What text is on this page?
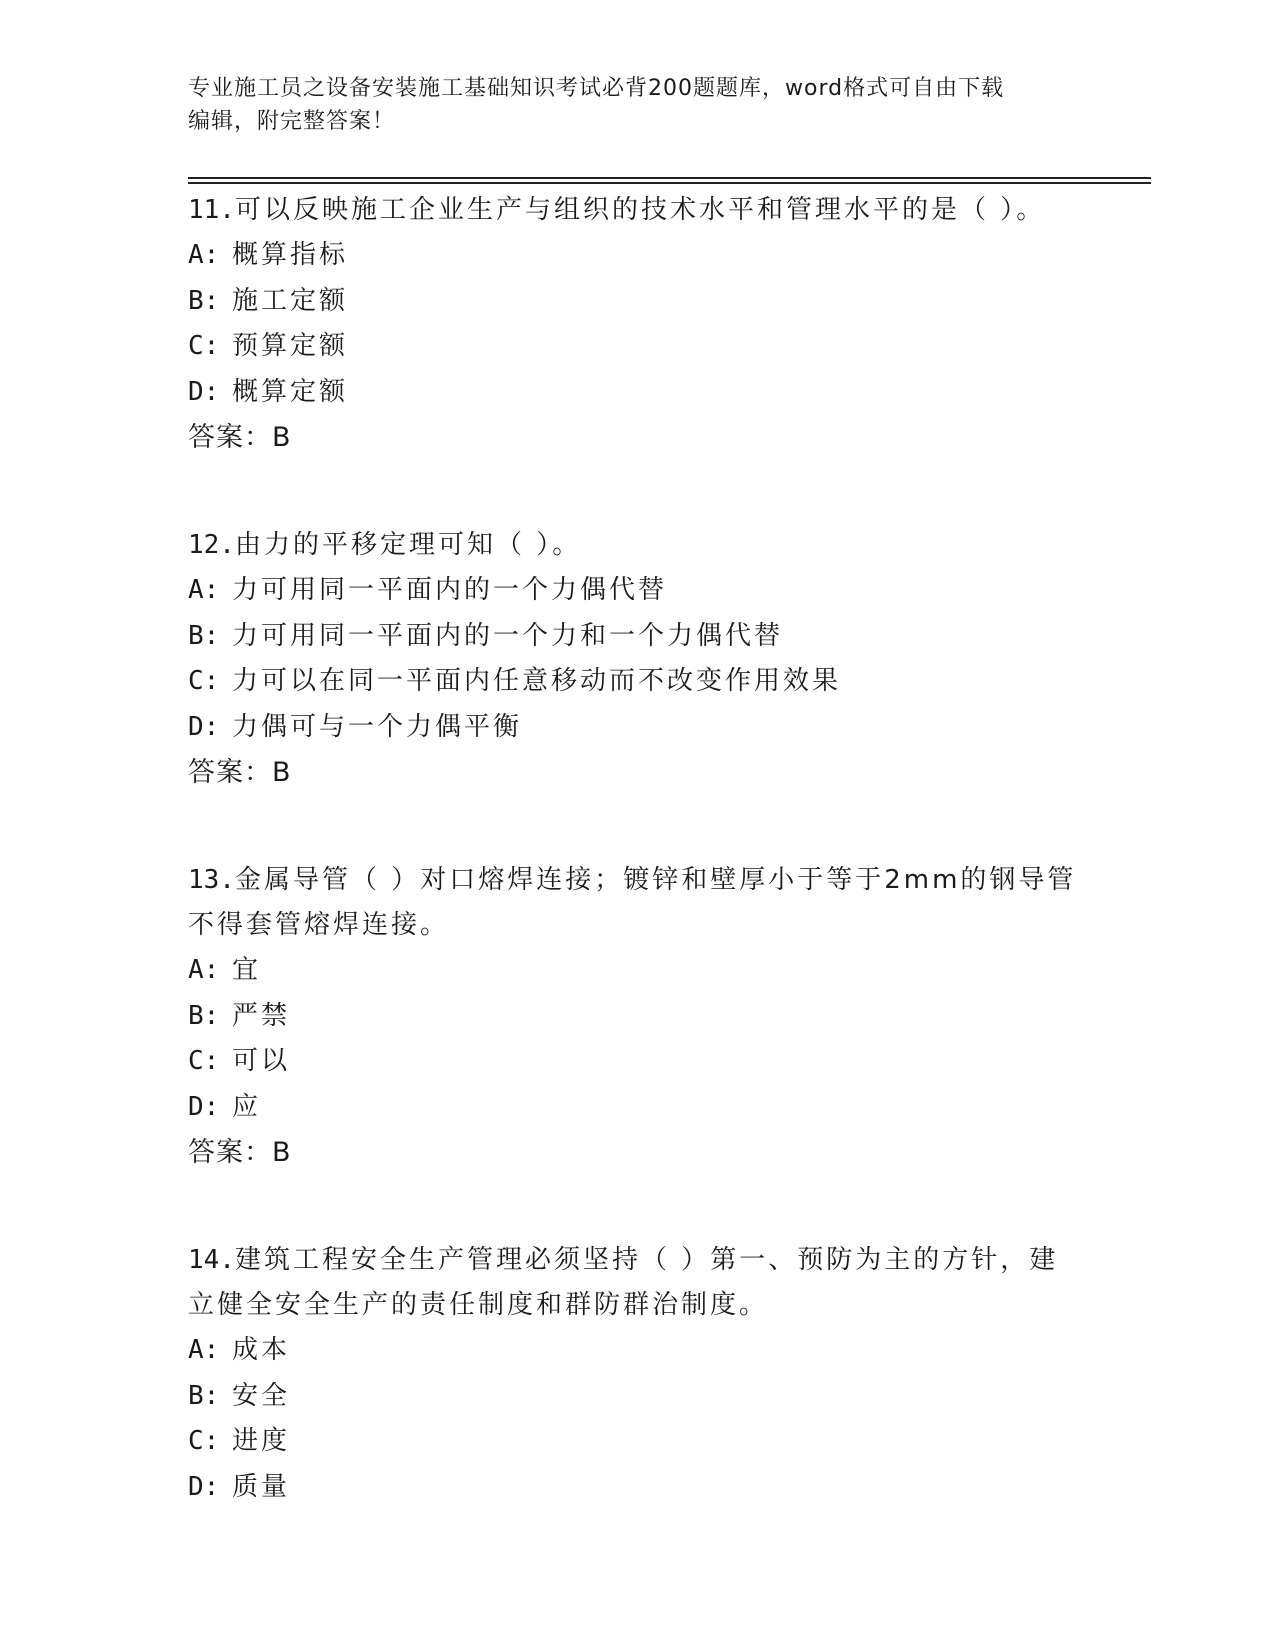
专业施工员之设备安装施工基础知识考试必背200题题库，word格式可自由下载
编辑，附完整答案！
11.可以反映施工企业生产与组织的技术水平和管理水平的是（ ）。
A: 概算指标
B: 施工定额
C: 预算定额
D: 概算定额
答案：B
12.由力的平移定理可知（ ）。
A: 力可用同一平面内的一个力偶代替
B: 力可用同一平面内的一个力和一个力偶代替
C: 力可以在同一平面内任意移动而不改变作用效果
D: 力偶可与一个力偶平衡
答案：B
13.金属导管（ ）对口熔焊连接；镀锌和壁厚小于等于2mm的钢导管
不得套管熔焊连接。
A: 宜
B: 严禁
C: 可以
D: 应
答案：B
14.建筑工程安全生产管理必须坚持（ ）第一、预防为主的方针，建
立健全安全生产的责任制度和群防群治制度。
A: 成本
B: 安全
C: 进度
D: 质量
